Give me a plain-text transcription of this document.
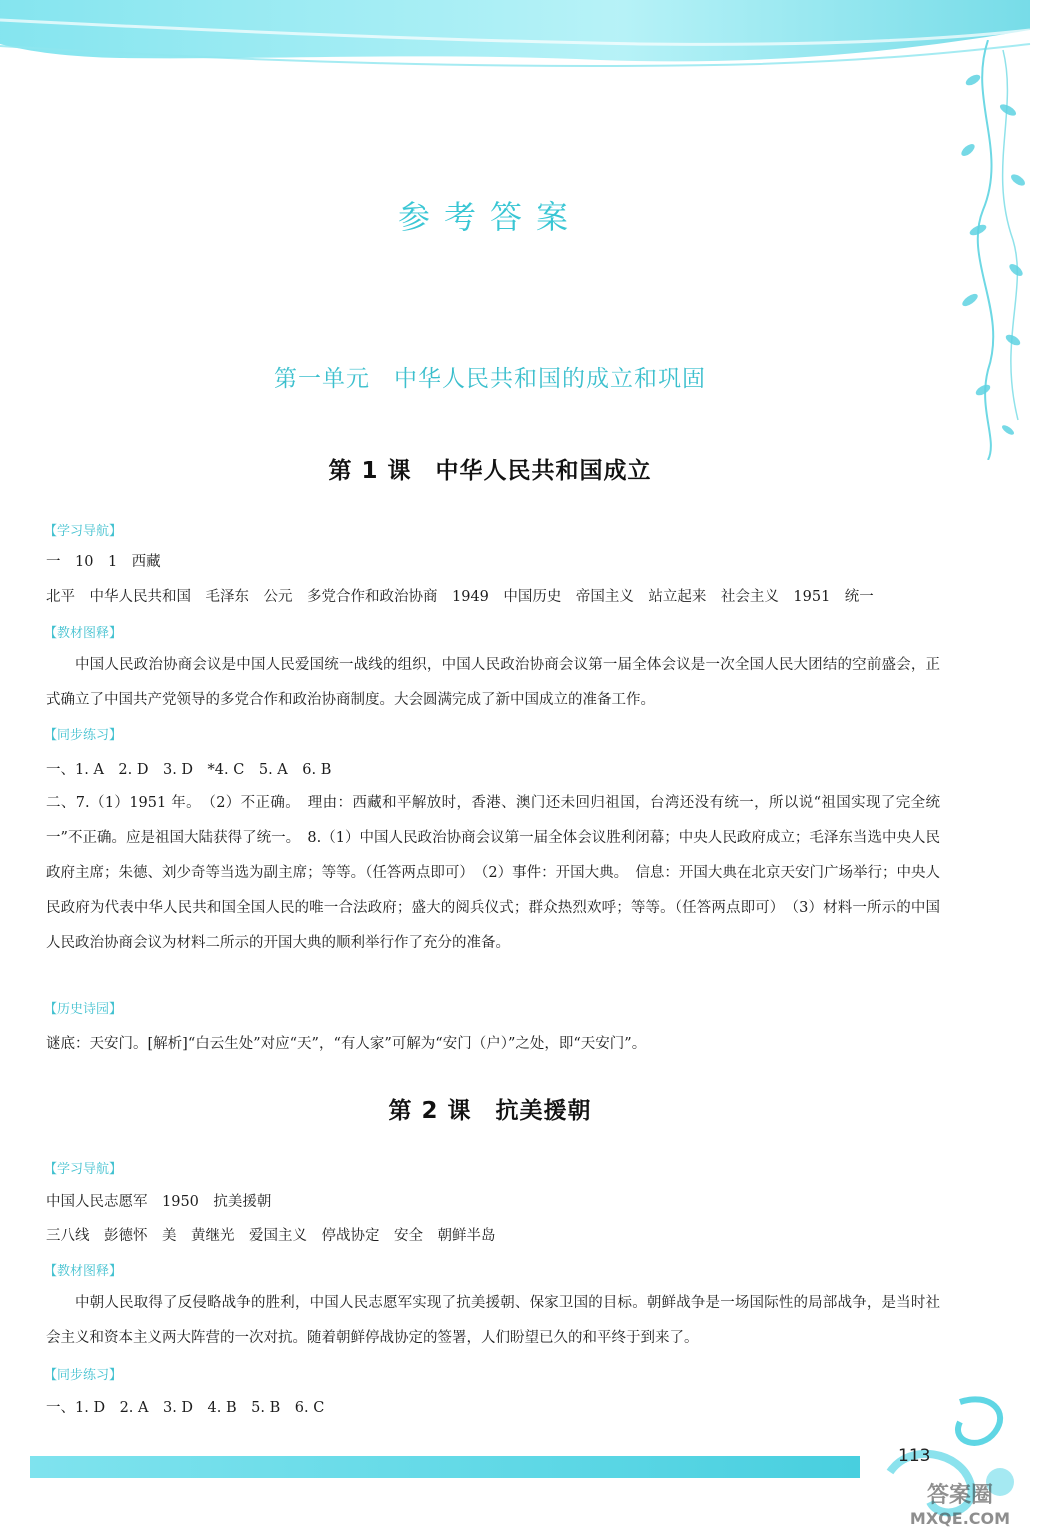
参考答案
第一单元　中华人民共和国的成立和巩固
第 1 课　中华人民共和国成立
【学习导航】
一　10　1　西藏
北平　中华人民共和国　毛泽东　公元　多党合作和政治协商　1949　中国历史　帝国主义　站立起来　社会主义　1951　统一
【教材图释】
中国人民政治协商会议是中国人民爱国统一战线的组织，中国人民政治协商会议第一届全体会议是一次全国人民大团结的空前盛会，正式确立了中国共产党领导的多党合作和政治协商制度。大会圆满完成了新中国成立的准备工作。
【同步练习】
一、1. A　2. D　3. D　*4. C　5. A　6. B
二、7.（1）1951 年。　（2）不正确。　理由：西藏和平解放时，香港、澳门还未回归祖国，台湾还没有统一，所以说“祖国实现了完全统一”不正确。应是祖国大陆获得了统一。　8.（1）中国人民政治协商会议第一届全体会议胜利闭幕；中央人民政府成立；毛泽东当选中央人民政府主席；朱德、刘少奇等当选为副主席；等等。（任答两点即可）　（2）事件：开国大典。　信息：开国大典在北京天安门广场举行；中央人民政府为代表中华人民共和国全国人民的唯一合法政府；盛大的阅兵仪式；群众热烈欢呼；等等。（任答两点即可）　（3）材料一所示的中国人民政治协商会议为材料二所示的开国大典的顺利举行作了充分的准备。
【历史诗园】
谜底：天安门。[解析]“白云生处”对应“天”，“有人家”可解为“安门（户）”之处，即“天安门”。
第 2 课　抗美援朝
【学习导航】
中国人民志愿军　1950　抗美援朝
三八线　彭德怀　美　黄继光　爱国主义　停战协定　安全　朝鲜半岛
【教材图释】
中朝人民取得了反侵略战争的胜利，中国人民志愿军实现了抗美援朝、保家卫国的目标。朝鲜战争是一场国际性的局部战争，是当时社会主义和资本主义两大阵营的一次对抗。随着朝鲜停战协定的签署，人们盼望已久的和平终于到来了。
【同步练习】
一、1. D　2. A　3. D　4. B　5. B　6. C
113
答案圈
MXQE.COM
